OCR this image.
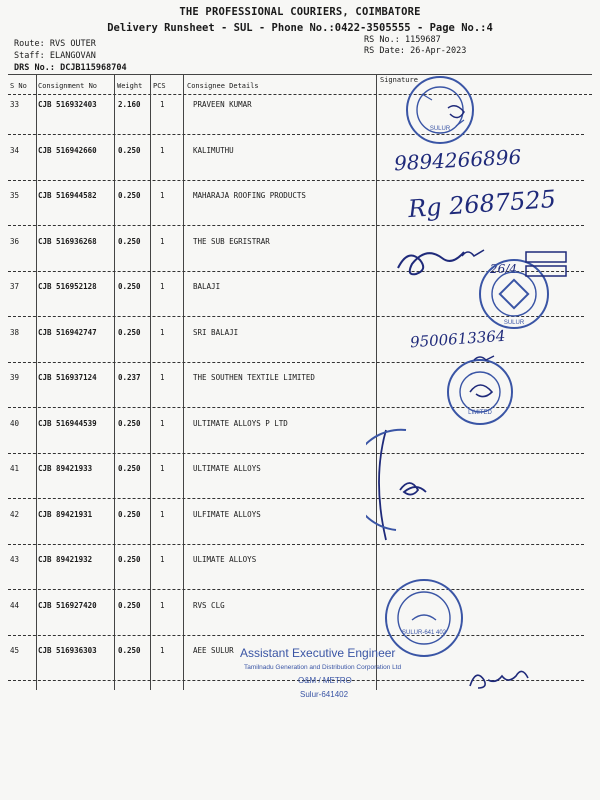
THE PROFESSIONAL COURIERS, COIMBATORE
Delivery Runsheet - SUL - Phone No.:0422-3505555 - Page No.:4
Route: RVS OUTER
Staff: ELANGOVAN
DRS No.: DCJB115968704
RS No.: 1159687
RS Date: 26-Apr-2023
S No Consignment No	Weight PCS	Consignee Details
Signature
33	CJB 516932403	2.160	1	PRAVEEN KUMAR
34	CJB 516942660	0.250	1	KALIMUTHU
35	CJB 516944582	0.250	1	MAHARAJA ROOFING PRODUCTS
36	CJB 516936268	0.250	1	THE SUB EGRISTRAR
37	CJB 516952128	0.250	1	BALAJI
38	CJB 516942747	0.250	1	SRI BALAJI
39	CJB 516937124	0.237	1	THE SOUTHEN TEXTILE LIMITED
40	CJB 516944539	0.250	1	ULTIMATE ALLOYS P LTD
41	CJB 89421933	0.250	1	ULTIMATE ALLOYS
42	CJB 89421931	0.250	1	ULFIMATE ALLOYS
43	CJB 89421932	0.250	1	ULIMATE ALLOYS
44	CJB 516927420	0.250	1	RVS CLG
45	CJB 516936303	0.250	1	AEE SULUR
SULUR
9894266896
Rg 2687525
26/4
SULUR
9500613364
LIMITED
SULUR-641 402
Assistant Executive Engineer
Tamilnadu Generation and Distribution Corporation Ltd
O&M / METRO
Sulur-641402
